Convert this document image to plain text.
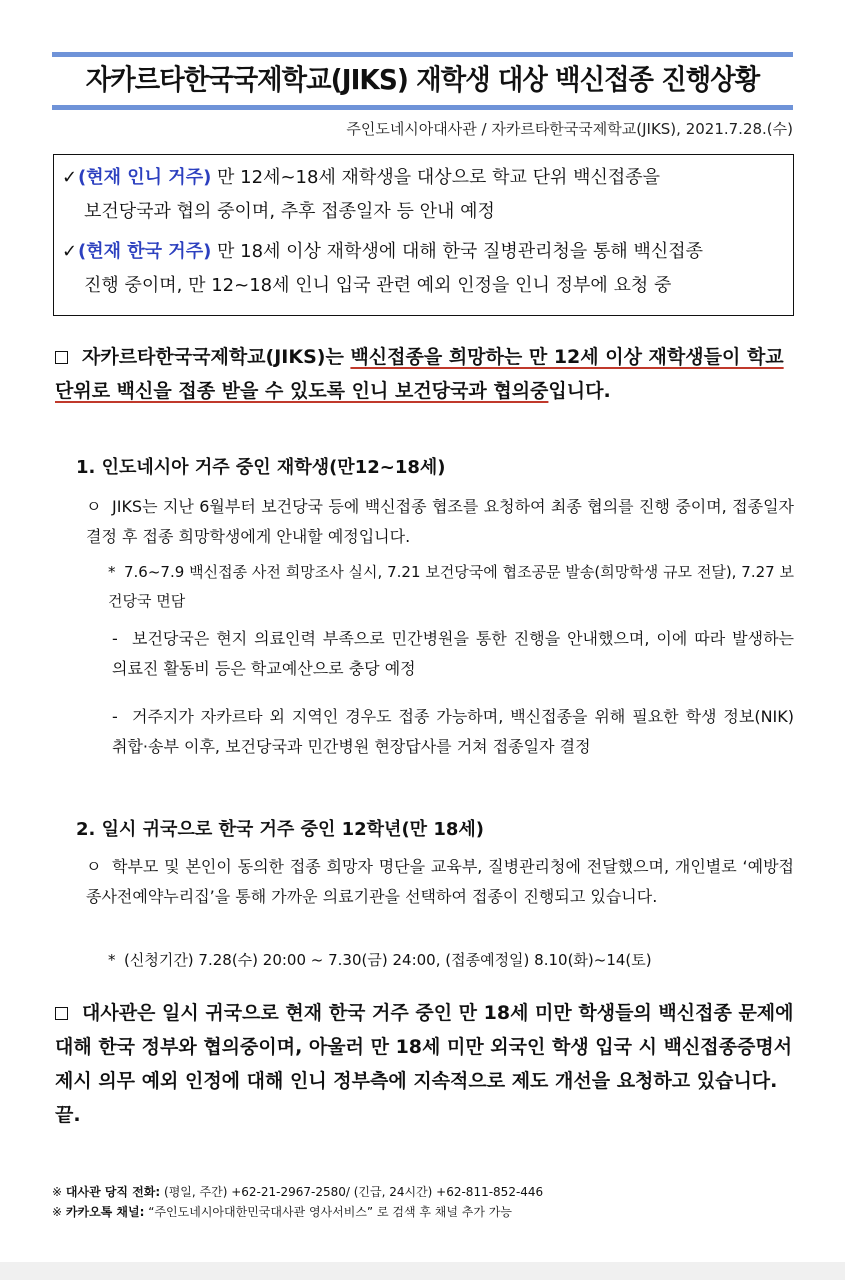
자카르타한국국제학교(JIKS) 재학생 대상 백신접종 진행상황
주인도네시아대사관 / 자카르타한국국제학교(JIKS), 2021.7.28.(수)
✓(현재 인니 거주) 만 12세~18세 재학생을 대상으로 학교 단위 백신접종을
보건당국과 협의 중이며, 추후 접종일자 등 안내 예정
✓(현재 한국 거주) 만 18세 이상 재학생에 대해 한국 질병관리청을 통해 백신접종
진행 중이며, 만 12~18세 인니 입국 관련 예외 인정을 인니 정부에 요청 중
자카르타한국국제학교(JIKS)는 백신접종을 희망하는 만 12세 이상 재학생들이 학교 단위로 백신을 접종 받을 수 있도록 인니 보건당국과 협의중입니다.
1. 인도네시아 거주 중인 재학생(만12~18세)
ㅇ JIKS는 지난 6월부터 보건당국 등에 백신접종 협조를 요청하여 최종 협의를 진행 중이며, 접종일자 결정 후 접종 희망학생에게 안내할 예정입니다.
* 7.6~7.9 백신접종 사전 희망조사 실시, 7.21 보건당국에 협조공문 발송(희망학생 규모 전달), 7.27 보건당국 면담
- 보건당국은 현지 의료인력 부족으로 민간병원을 통한 진행을 안내했으며, 이에 따라 발생하는 의료진 활동비 등은 학교예산으로 충당 예정
- 거주지가 자카르타 외 지역인 경우도 접종 가능하며, 백신접종을 위해 필요한 학생 정보(NIK) 취합·송부 이후, 보건당국과 민간병원 현장답사를 거쳐 접종일자 결정
2. 일시 귀국으로 한국 거주 중인 12학년(만 18세)
ㅇ 학부모 및 본인이 동의한 접종 희망자 명단을 교육부, 질병관리청에 전달했으며, 개인별로 ‘예방접종사전예약누리집’을 통해 가까운 의료기관을 선택하여 접종이 진행되고 있습니다.
* (신청기간) 7.28(수) 20:00 ~ 7.30(금) 24:00, (접종예정일) 8.10(화)~14(토)
대사관은 일시 귀국으로 현재 한국 거주 중인 만 18세 미만 학생들의 백신접종 문제에 대해 한국 정부와 협의중이며, 아울러 만 18세 미만 외국인 학생 입국 시 백신접종증명서 제시 의무 예외 인정에 대해 인니 정부측에 지속적으로 제도 개선을 요청하고 있습니다. 끝.
※ 대사관 당직 전화: (평일, 주간) +62-21-2967-2580/ (긴급, 24시간) +62-811-852-446
※ 카카오톡 채널: “주인도네시아대한민국대사관 영사서비스” 로 검색 후 채널 추가 가능
